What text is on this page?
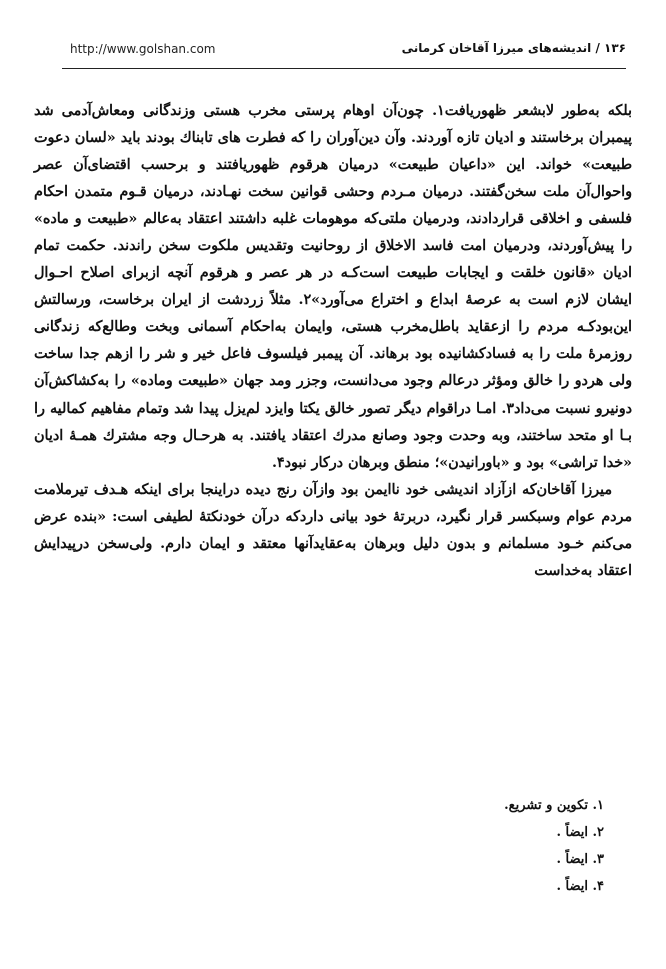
http://www.golshan.com	۱۳۶ / اندیشه‌های میرزا آقاخان کرمانی

بلکه به‌طور لابشعر ظهوریافت۱. چون‌آن اوهام پرستی مخرب هستی وزندگانی ومعاش‌آدمی شد پیمبران برخاستند و ادیان تازه آوردند. وآن دین‌آوران را که فطرت های تابناك بودند باید «لسان دعوت طبیعت» خواند. این «داعیان طبیعت» درمیان هرقوم ظهوریافتند و برحسب اقتضای‌آن عصر واحوال‌آن ملت سخن‌گفتند. درمیان مـردم وحشی قوانین سخت نهـادند، درمیان قـوم متمدن احکام فلسفی و اخلاقی قراردادند، ودرمیان ملتی‌که موهومات غلبه داشتند اعتقاد به‌عالم «طبیعت و ماده» را پیش‌آوردند، ودرمیان امت فاسد الاخلاق از روحانیت وتقدیس ملکوت سخن راندند. حکمت تمام ادیان «قانون خلقت و ایجابات طبیعت است‌کـه در هر عصر و هرقوم آنچه ازبرای اصلاح احـوال ایشان لازم است به عرصهٔ ابداع و اختراع می‌آورد»۲. مثلاً زردشت از ایران برخاست، ورسالتش این‌بودکـه مردم را ازعقاید باطل‌مخرب هستی، وایمان به‌احکام آسمانی وبخت وطالع‌که زندگانی روزمرهٔ ملت را به فسادکشانیده بود برهاند. آن پیمبر فیلسوف فاعل خیر و شر را ازهم جدا ساخت ولی هردو را خالق ومؤثر درعالم وجود می‌دانست، وجزر ومد جهان «طبیعت وماده» را به‌کشاکش‌آن دونیرو نسبت می‌داد۳. امـا دراقوام دیگر تصور خالق یکتا وایزد لم‌یزل پیدا شد وتمام مفاهیم کمالیه را بـا او متحد ساختند، وبه وحدت وجود وصانع مدرك اعتقاد یافتند. به هرحـال وجه مشترك همـهٔ ادیان «خدا تراشی» بود و «باورانیدن»؛ منطق وبرهان درکار نبود۴.

میرزا آقاخان‌که ازآزاد اندیشی خود ناایمن بود وازآن رنج دیده دراینجا برای اینکه هـدف تیرملامت مردم عوام وسبکسر قرار نگیرد، دربرتۀ خود بیانی دارد‌که درآن خودنکتهٔ لطیفی است: «بنده عرض می‌کنم خـود مسلمانم و بدون دلیل وبرهان به‌عقایدآنها معتقد و ایمان دارم. ولی‌سخن درپیدایش اعتقاد به‌خداست

۱. تکوین و تشریع.
۲. ایضاً .
۳. ایضاً .
۴. ایضاً .
